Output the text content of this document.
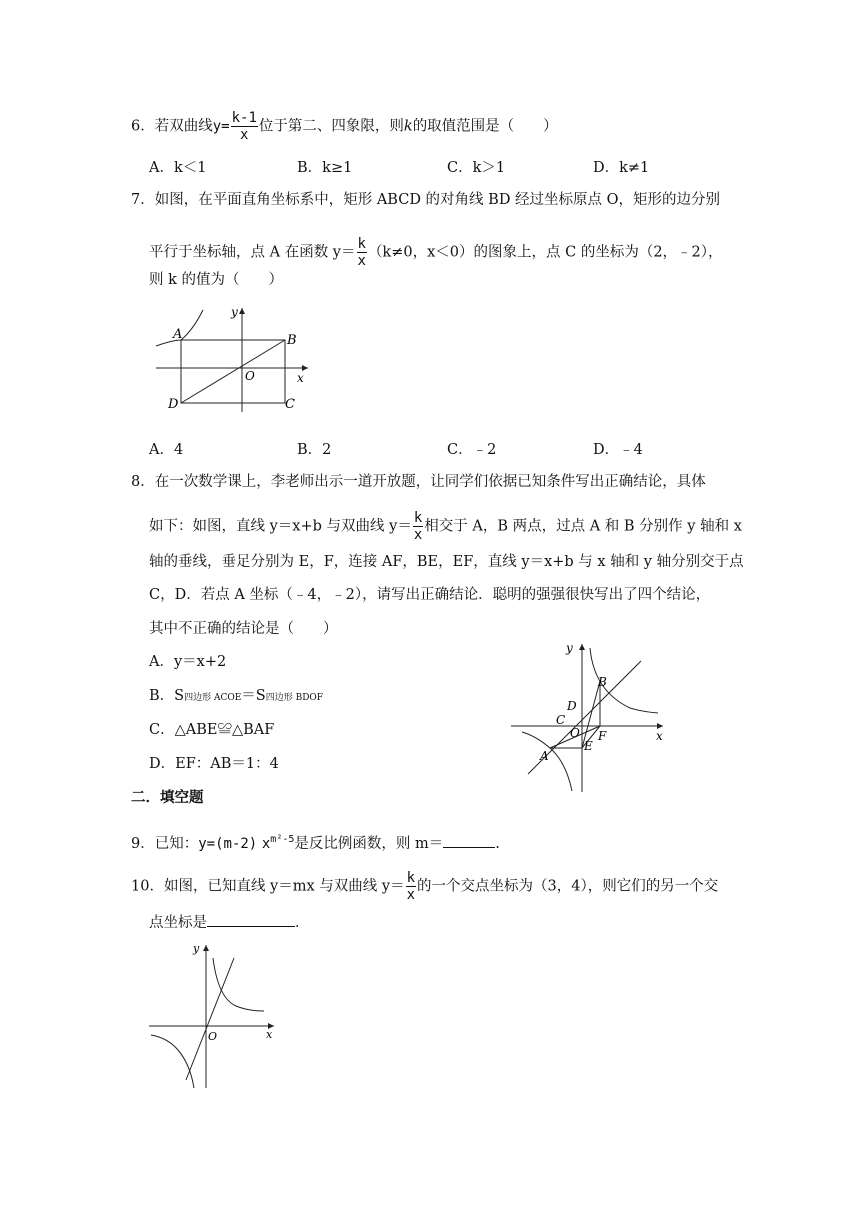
6．若双曲线$y= \frac{k-1}{x}$ 位于第二、四象限，则k的取值范围是（　　）
A．k＜1	B．k≥1	C．k＞1	D．k≠1
7．如图，在平面直角坐标系中，矩形 ABCD 的对角线 BD 经过坐标原点 O，矩形的边分别
平行于坐标轴，点 A 在函数 $y= \frac{k}{x} (k\ne 0$，x＜0）的图象上，点 C 的坐标为（2，﹣2），
则 k 的值为（　　）
A	B
C
D
O	x
y
A．4	B．2	C．﹣2	D．﹣4
8．在一次数学课上，李老师出示一道开放题，让同学们依据已知条件写出正确结论，具体
如下：如图，直线 y＝x+b 与双曲线 $y= \frac{k}{x}$ 相交于 A，B 两点，过点 A 和 B 分别作 y 轴和 x
轴的垂线，垂足分别为 E，F，连接 AF，BE，EF，直线 y＝x+b 与 x 轴和 y 轴分别交于点
C，D．若点 A 坐标（﹣4，﹣2），请写出正确结论．聪明的强强很快写出了四个结论，
其中不正确的结论是（　　）
A．y＝x+2
B．S四边形 ACOE＝S四边形 BDOF
C．△ABE≌△BAF
D．EF：AB＝1：4	A
B
C
D
E
F
O	x
y
二．填空题
9．已知：y=(m-2) $x^{m^2-5}$是反比例函数，则 m＝	.
10．如图，已知直线 y＝mx 与双曲线 $y= \frac{k}{x}$ 的一个交点坐标为（3，4），则它们的另一个交
点坐标是	．
O	x
y
